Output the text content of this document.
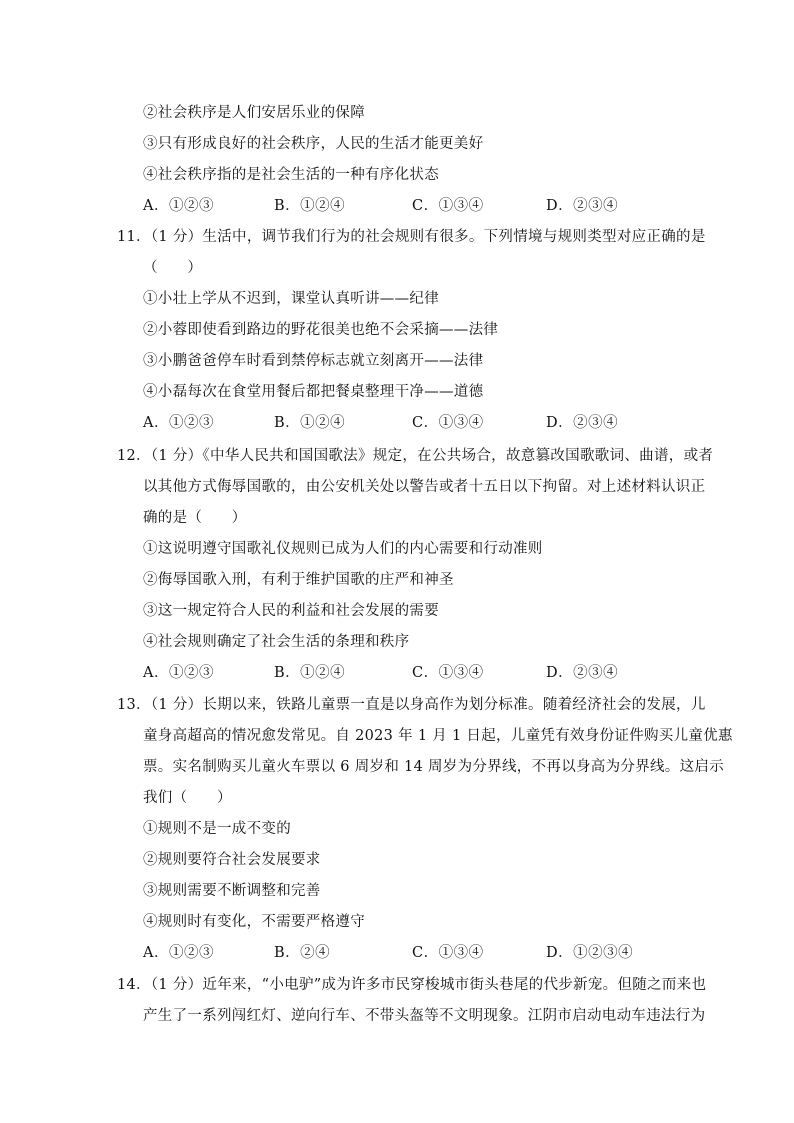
②社会秩序是人们安居乐业的保障
③只有形成良好的社会秩序，人民的生活才能更美好
④社会秩序指的是社会生活的一种有序化状态
A．①②③	B．①②④	C．①③④	D．②③④
11．（1 分）生活中，调节我们行为的社会规则有很多。下列情境与规则类型对应正确的是
（　　）
①小壮上学从不迟到，课堂认真听讲——纪律
②小蓉即使看到路边的野花很美也绝不会采摘——法律
③小鹏爸爸停车时看到禁停标志就立刻离开——法律
④小磊每次在食堂用餐后都把餐桌整理干净——道德
A．①②③	B．①②④	C．①③④	D．②③④
12．（1 分）《中华人民共和国国歌法》规定，在公共场合，故意篡改国歌歌词、曲谱，或者
以其他方式侮辱国歌的，由公安机关处以警告或者十五日以下拘留。对上述材料认识正
确的是（　　）
①这说明遵守国歌礼仪规则已成为人们的内心需要和行动准则
②侮辱国歌入刑，有利于维护国歌的庄严和神圣
③这一规定符合人民的利益和社会发展的需要
④社会规则确定了社会生活的条理和秩序
A．①②③	B．①②④	C．①③④	D．②③④
13．（1 分）长期以来，铁路儿童票一直是以身高作为划分标准。随着经济社会的发展，儿
童身高超高的情况愈发常见。自 2023 年 1 月 1 日起，儿童凭有效身份证件购买儿童优惠
票。实名制购买儿童火车票以 6 周岁和 14 周岁为分界线，不再以身高为分界线。这启示
我们（　　）
①规则不是一成不变的
②规则要符合社会发展要求
③规则需要不断调整和完善
④规则时有变化，不需要严格遵守
A．①②③	B．②④	C．①③④	D．①②③④
14．（1 分）近年来，“小电驴”成为许多市民穿梭城市街头巷尾的代步新宠。但随之而来也
产生了一系列闯红灯、逆向行车、不带头盔等不文明现象。江阴市启动电动车违法行为
